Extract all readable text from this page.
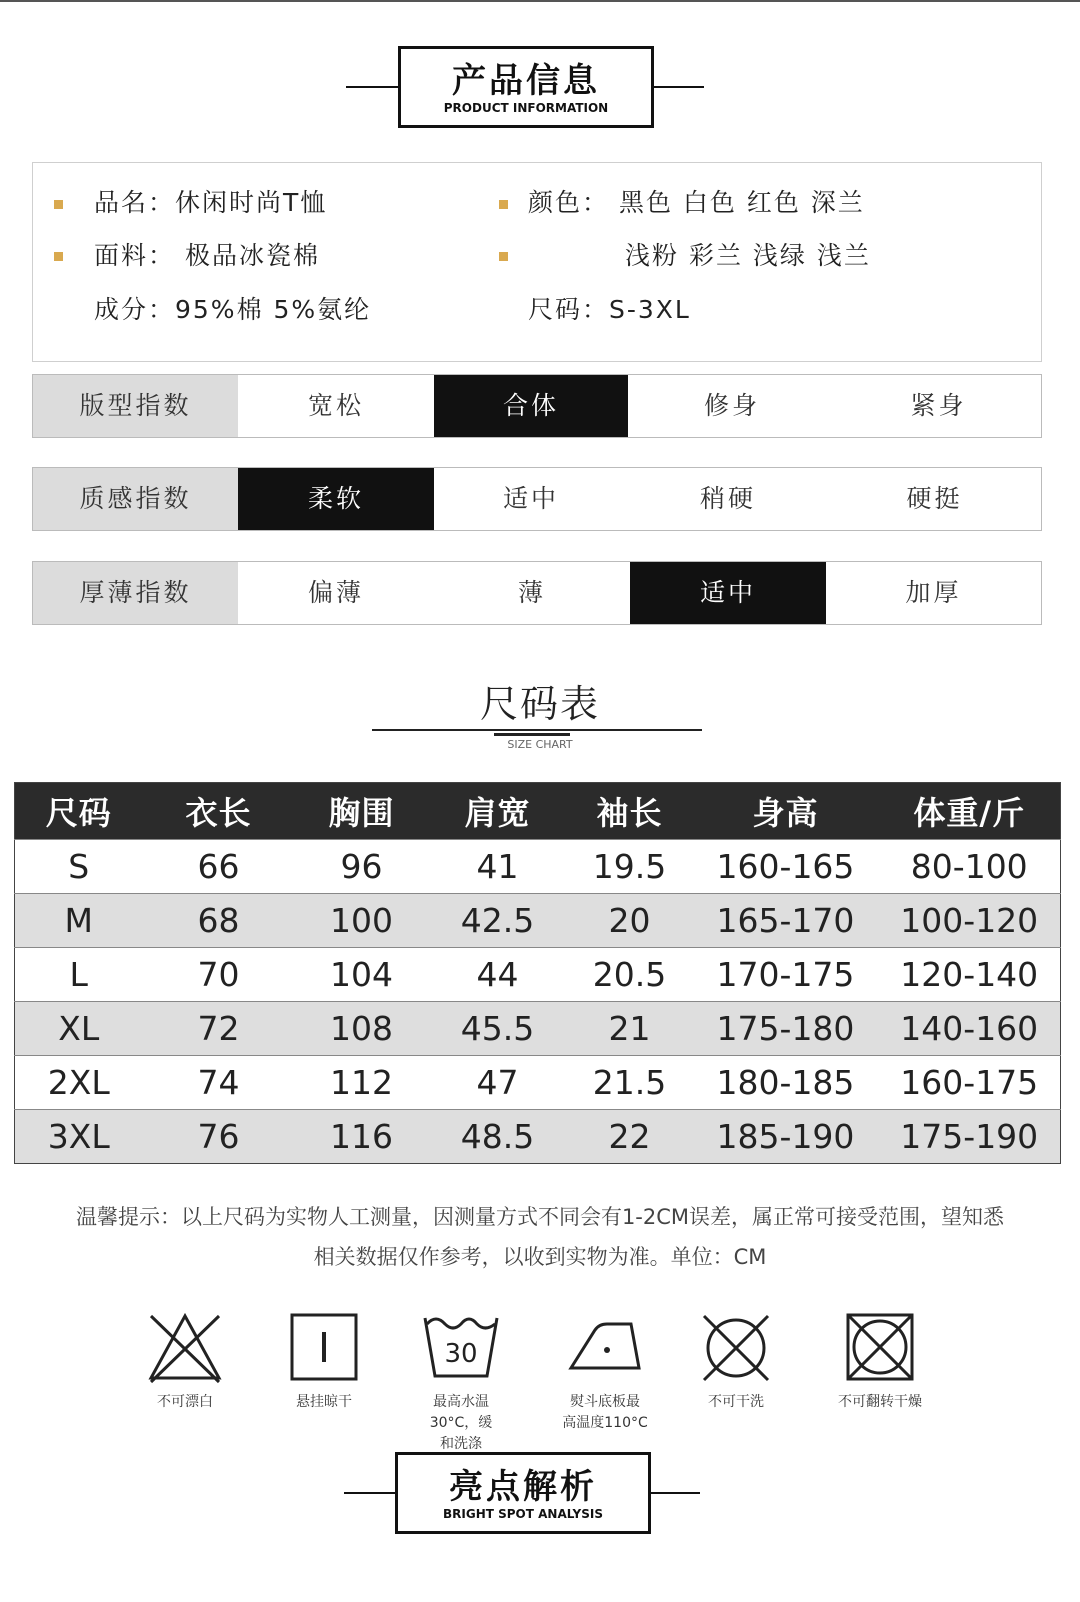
产品信息
PRODUCT INFORMATION
品名：休闲时尚T恤
面料： 极品冰瓷棉
成分：95%棉 5%氨纶
颜色： 黑色 白色 红色 深兰
浅粉 彩兰 浅绿 浅兰
尺码：S-3XL
版型指数	宽松	合体	修身	紧身
质感指数	柔软	适中	稍硬	硬挺
厚薄指数	偏薄	薄	适中	加厚
尺码表
SIZE CHART
尺码	衣长	胸围	肩宽	袖长	身高	体重/斤
S	66	96	41	19.5	160-165	80-100
M	68	100	42.5	20	165-170	100-120
L	70	104	44	20.5	170-175	120-140
XL	72	108	45.5	21	175-180	140-160
2XL	74	112	47	21.5	180-185	160-175
3XL	76	116	48.5	22	185-190	175-190
温馨提示：以上尺码为实物人工测量，因测量方式不同会有1-2CM误差，属正常可接受范围，望知悉
相关数据仅作参考，以收到实物为准。单位：CM
不可漂白	悬挂晾干
30
最高水温
30°C，缓
和洗涤
熨斗底板最
高温度110°C
不可干洗	不可翻转干燥
亮点解析
BRIGHT SPOT ANALYSIS
